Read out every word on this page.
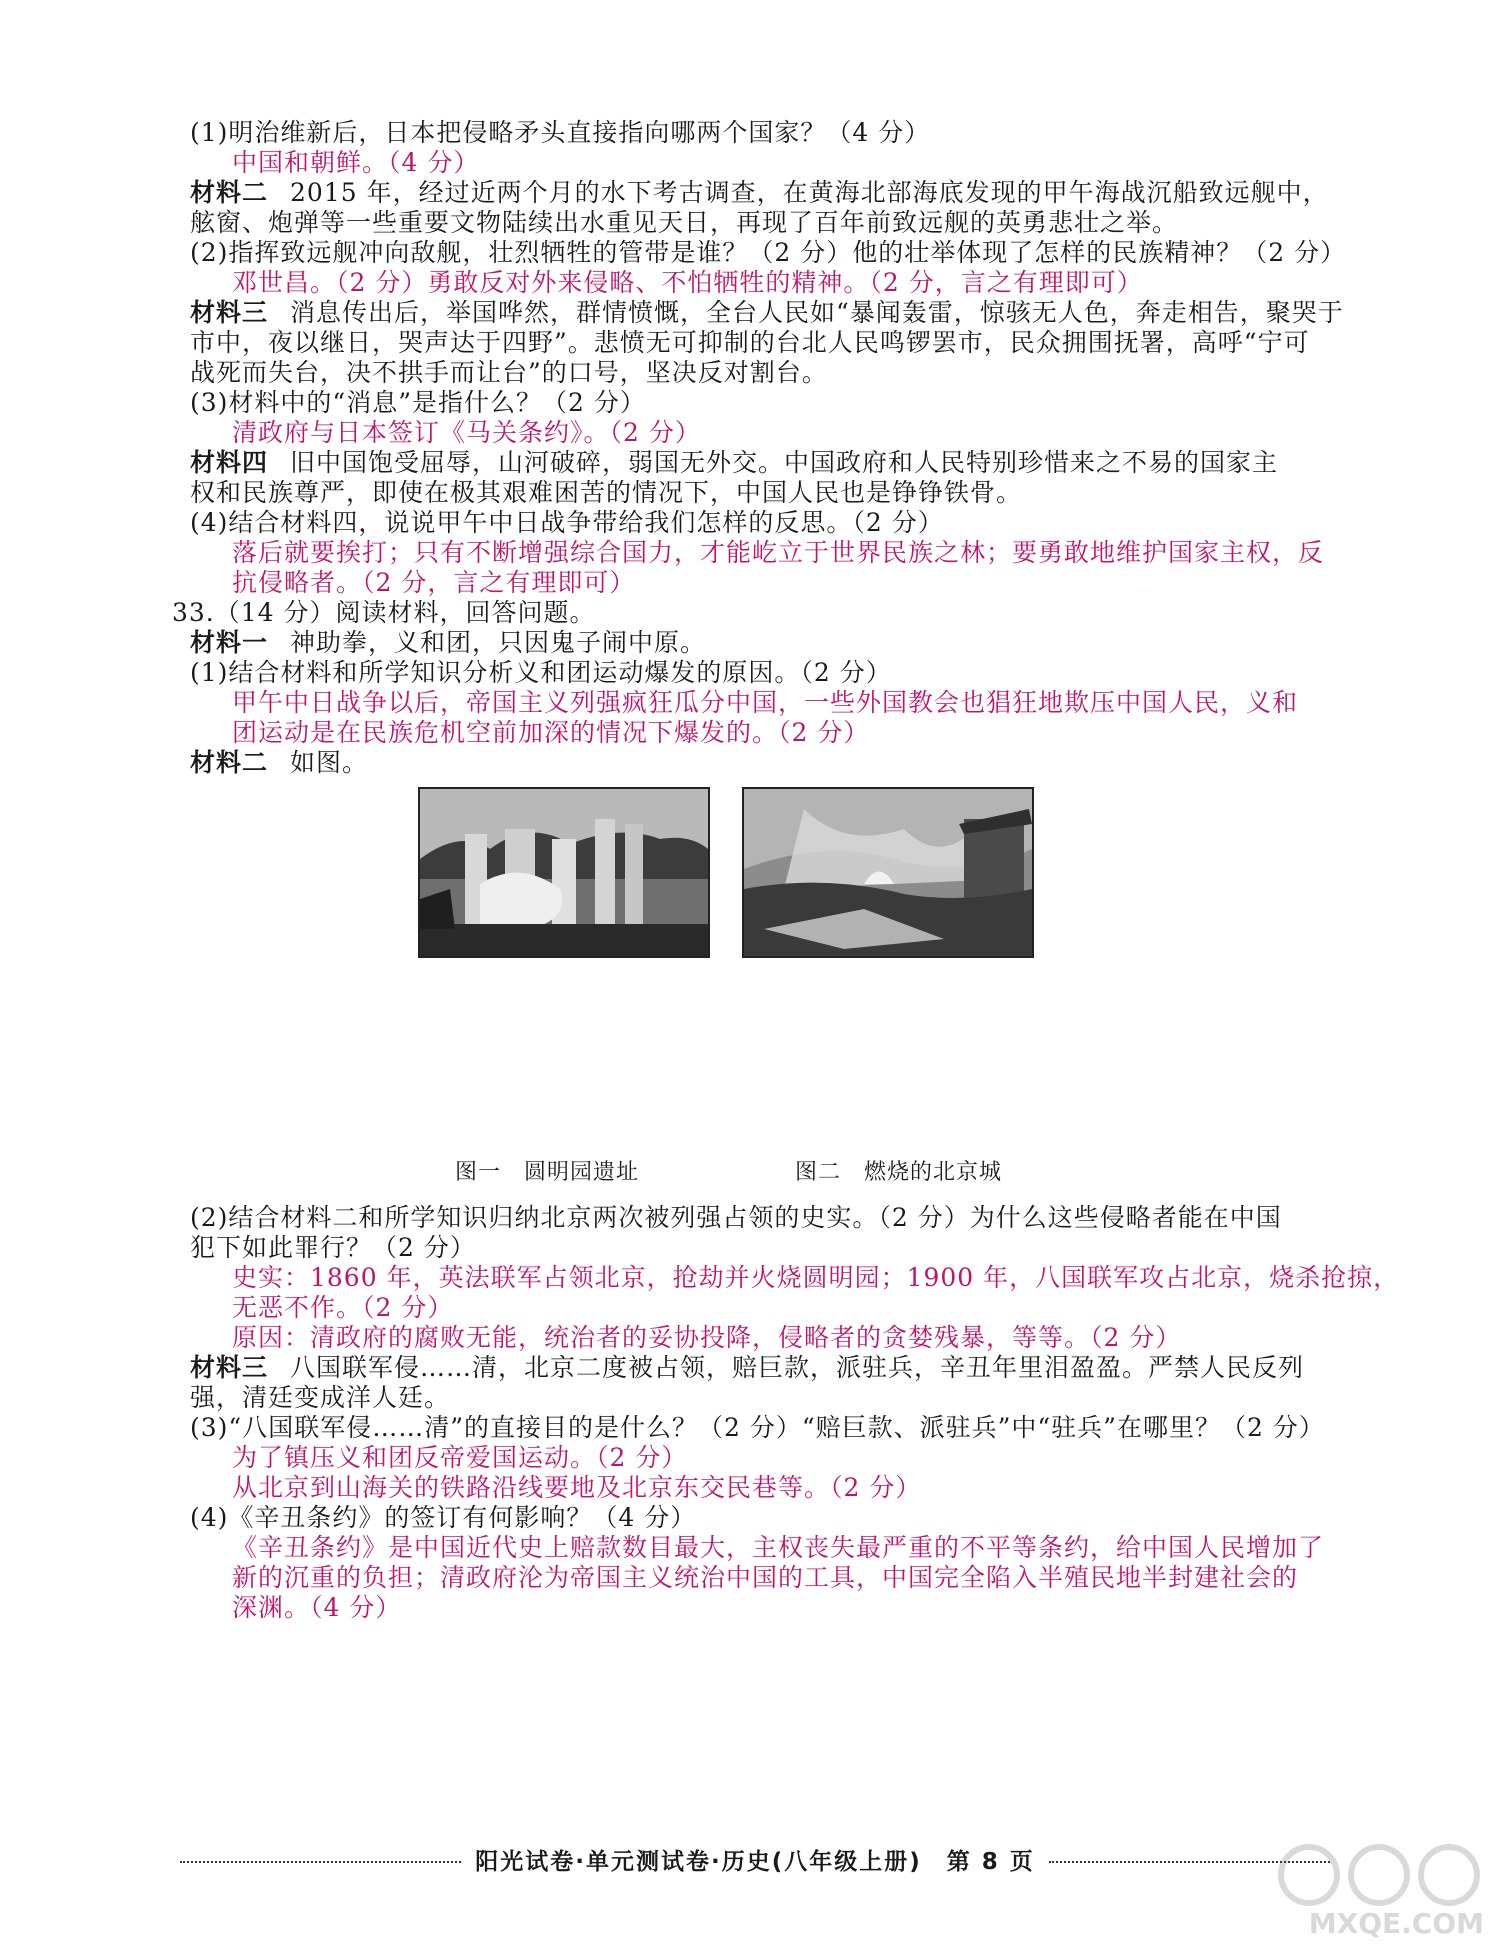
(1)明治维新后，日本把侵略矛头直接指向哪两个国家？（4 分）
中国和朝鲜。（4 分）
材料二 2015 年，经过近两个月的水下考古调查，在黄海北部海底发现的甲午海战沉船致远舰中，
舷窗、炮弹等一些重要文物陆续出水重见天日，再现了百年前致远舰的英勇悲壮之举。
(2)指挥致远舰冲向敌舰，壮烈牺牲的管带是谁？（2 分）他的壮举体现了怎样的民族精神？（2 分）
邓世昌。（2 分）勇敢反对外来侵略、不怕牺牲的精神。（2 分，言之有理即可）
材料三 消息传出后，举国哗然，群情愤慨，全台人民如“暴闻轰雷，惊骇无人色，奔走相告，聚哭于
市中，夜以继日，哭声达于四野”。悲愤无可抑制的台北人民鸣锣罢市，民众拥围抚署，高呼“宁可
战死而失台，决不拱手而让台”的口号，坚决反对割台。
(3)材料中的“消息”是指什么？（2 分）
清政府与日本签订《马关条约》。（2 分）
材料四 旧中国饱受屈辱，山河破碎，弱国无外交。中国政府和人民特别珍惜来之不易的国家主
权和民族尊严，即使在极其艰难困苦的情况下，中国人民也是铮铮铁骨。
(4)结合材料四，说说甲午中日战争带给我们怎样的反思。（2 分）
落后就要挨打；只有不断增强综合国力，才能屹立于世界民族之林；要勇敢地维护国家主权，反
抗侵略者。（2 分，言之有理即可）
33.（14 分）阅读材料，回答问题。
材料一 神助拳，义和团，只因鬼子闹中原。
(1)结合材料和所学知识分析义和团运动爆发的原因。（2 分）
甲午中日战争以后，帝国主义列强疯狂瓜分中国，一些外国教会也猖狂地欺压中国人民，义和
团运动是在民族危机空前加深的情况下爆发的。（2 分）
材料二 如图。
图一　圆明园遗址	图二　燃烧的北京城
(2)结合材料二和所学知识归纳北京两次被列强占领的史实。（2 分）为什么这些侵略者能在中国
犯下如此罪行？（2 分）
史实：1860 年，英法联军占领北京，抢劫并火烧圆明园；1900 年，八国联军攻占北京，烧杀抢掠，
无恶不作。（2 分）
原因：清政府的腐败无能，统治者的妥协投降，侵略者的贪婪残暴，等等。（2 分）
材料三 八国联军侵……清，北京二度被占领，赔巨款，派驻兵，辛丑年里泪盈盈。严禁人民反列
强，清廷变成洋人廷。
(3)“八国联军侵……清”的直接目的是什么？（2 分）“赔巨款、派驻兵”中“驻兵”在哪里？（2 分）
为了镇压义和团反帝爱国运动。（2 分）
从北京到山海关的铁路沿线要地及北京东交民巷等。（2 分）
(4)《辛丑条约》的签订有何影响？（4 分）
《辛丑条约》是中国近代史上赔款数目最大，主权丧失最严重的不平等条约，给中国人民增加了
新的沉重的负担；清政府沦为帝国主义统治中国的工具，中国完全陷入半殖民地半封建社会的
深渊。（4 分）
阳光试卷·单元测试卷·历史(八年级上册)　第 8 页
MXQE.COM
